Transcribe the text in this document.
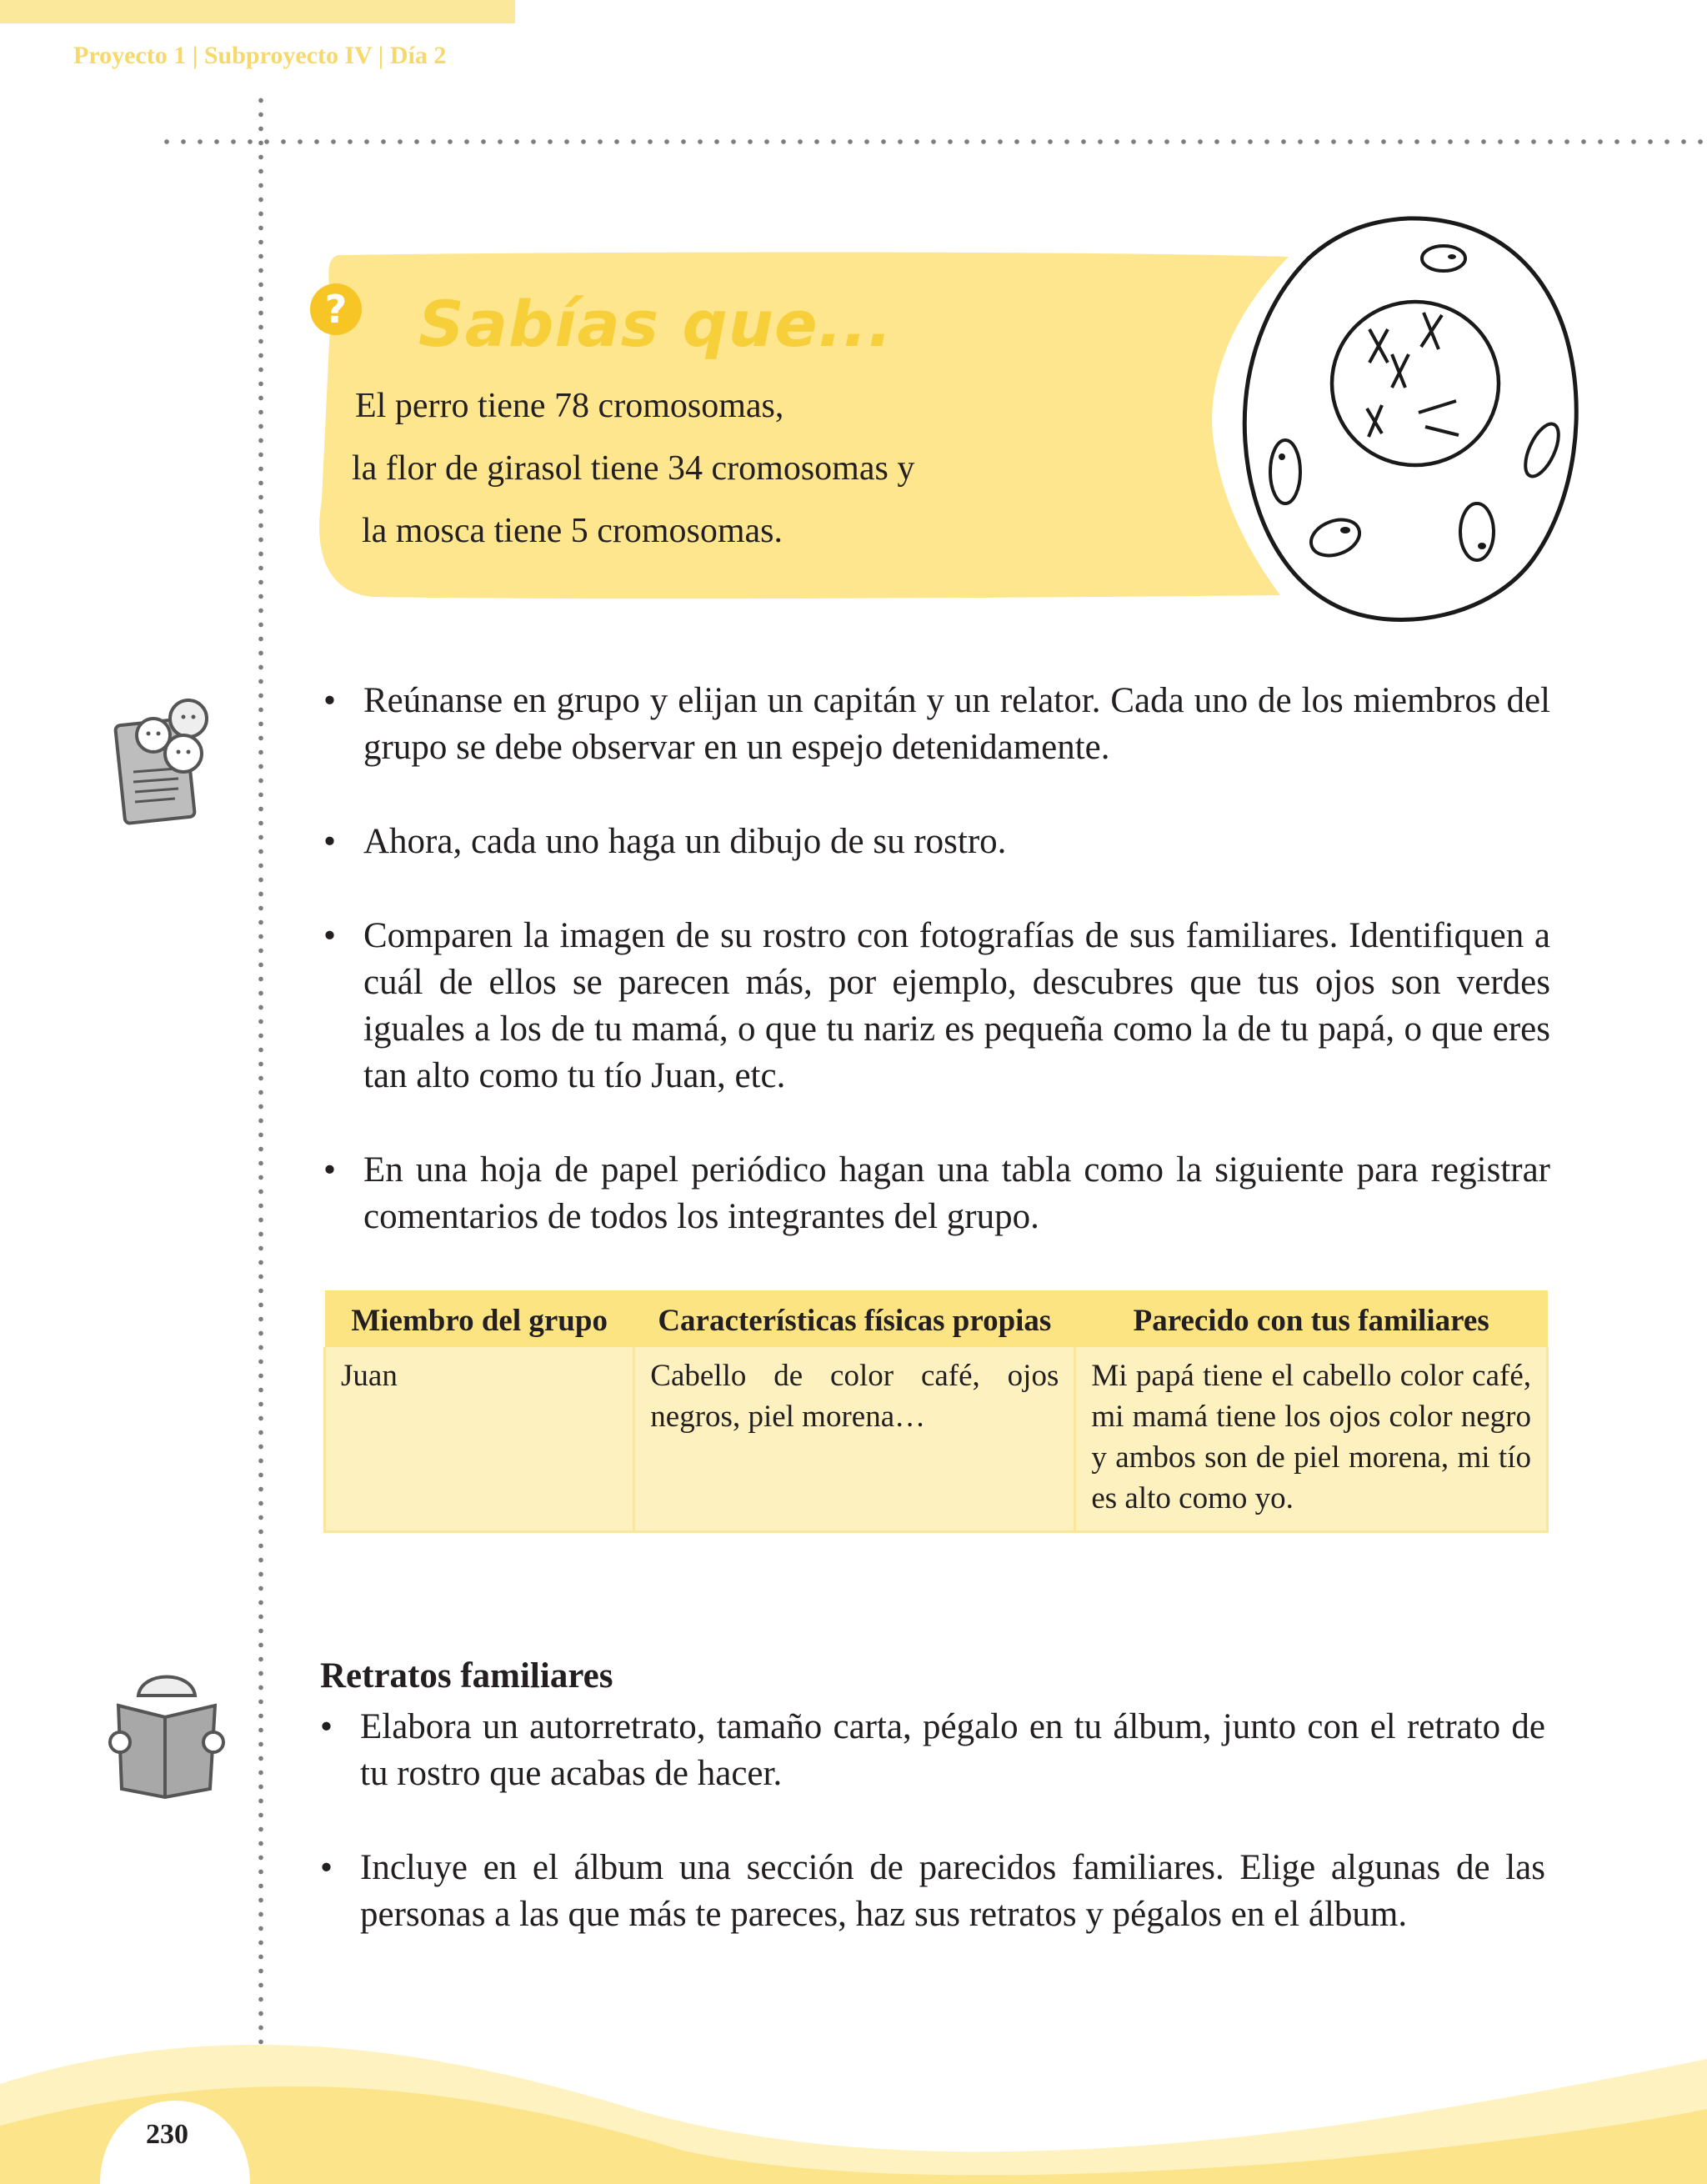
Proyecto 1 | Subproyecto IV | Día 2
? Sabías que...
El perro tiene 78 cromosomas,
la flor de girasol tiene 34 cromosomas y
la mosca tiene 5 cromosomas.
• Reúnanse en grupo y elijan un capitán y un relator. Cada uno de los miembros del grupo se debe observar en un espejo detenidamente.
• Ahora, cada uno haga un dibujo de su rostro.
• Comparen la imagen de su rostro con fotografías de sus familiares. Identifiquen a cuál de ellos se parecen más, por ejemplo, descubres que tus ojos son verdes iguales a los de tu mamá, o que tu nariz es pequeña como la de tu papá, o que eres tan alto como tu tío Juan, etc.
• En una hoja de papel periódico hagan una tabla como la siguiente para registrar comentarios de todos los integrantes del grupo.
Miembro del grupo	Características físicas propias	Parecido con tus familiares
Juan	Cabello de color café, ojos negros, piel morena…	Mi papá tiene el cabello color café, mi mamá tiene los ojos color negro y ambos son de piel morena, mi tío es alto como yo.
Retratos familiares
• Elabora un autorretrato, tamaño carta, pégalo en tu álbum, junto con el retrato de tu rostro que acabas de hacer.
• Incluye en el álbum una sección de parecidos familiares. Elige algunas de las personas a las que más te pareces, haz sus retratos y pégalos en el álbum.
230
